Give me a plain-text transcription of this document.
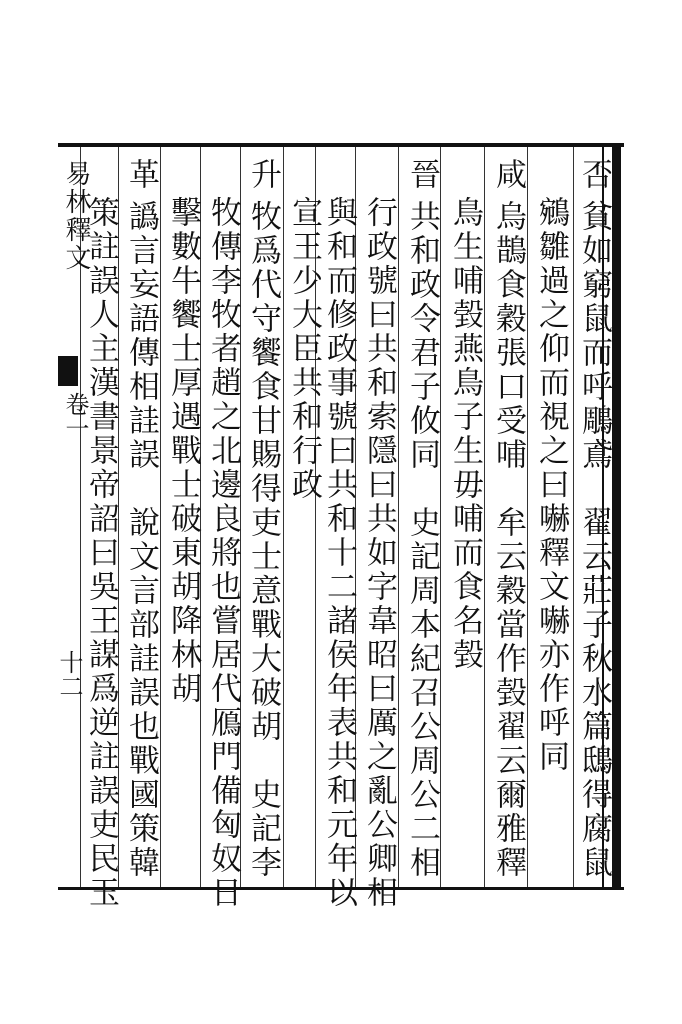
易林釋文
卷一
十二
否貧如窮鼠而呼鵰鳶　翟云莊子秋水篇鴟得腐鼠
鵷雛過之仰而視之曰嚇釋文嚇亦作呼同
咸烏鵲食穀張口受哺　牟云穀當作㲄翟云爾雅釋
鳥生哺㲄燕鳥子生毋哺而食名㲄
晉共和政令君子攸同　史記周本紀召公周公二相
行政號曰共和索隱曰共如字韋昭曰厲之亂公卿相
與和而修政事號曰共和十二諸侯年表共和元年以
宣王少大臣共和行政
升牧爲代守饗食甘賜得吏士意戰大破胡　史記李
牧傳李牧者趙之北邊良將也嘗居代鴈門備匈奴日
擊數牛饗士厚遇戰士破東胡降林胡
革譌言妄語傳相詿誤　說文言部詿誤也戰國策韓
策註誤人主漢書景帝詔曰吳王謀爲逆註誤吏民玉
